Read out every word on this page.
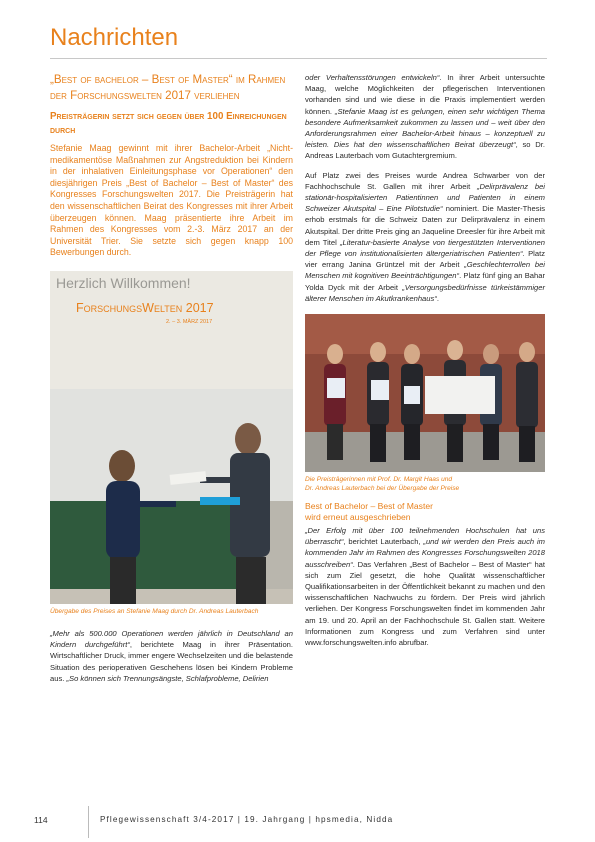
Nachrichten
„Best of bachelor – Best of Master“ im Rahmen der Forschungswelten 2017 verliehen
Preisträgerin setzt sich gegen über 100 Einreichungen durch

Stefanie Maag gewinnt mit ihrer Bachelor-Arbeit „Nicht-medikamentöse Maßnahmen zur Angstreduktion bei Kindern in der inhalativen Einleitungsphase vor Operationen“ den diesjährigen Preis „Best of Bachelor – Best of Master“ des Kongresses Forschungswelten 2017. Die Preisträgerin hat den wissenschaftlichen Beirat des Kongresses mit ihrer Arbeit überzeugen können. Maag präsentierte ihre Arbeit im Rahmen des Kongresses vom 2.-3. März 2017 an der Universität Trier. Sie setzte sich gegen knapp 100 Bewerbungen durch.

Herzlich Willkommen!
ForschungsWelten 2017
2. – 3. MÄRZ 2017
Übergabe des Preises an Stefanie Maag durch Dr. Andreas Lauterbach

„Mehr als 500.000 Operationen werden jährlich in Deutschland an Kindern durchgeführt“, berichtete Maag in ihrer Präsentation. Wirtschaftlicher Druck, immer engere Wechselzeiten und die belastende Situation des perioperativen Geschehens lösen bei Kindern Probleme aus. „So können sich Trennungsängste, Schlafprobleme, Delirien

oder Verhaltensstörungen entwickeln“. In ihrer Arbeit untersuchte Maag, welche Möglichkeiten der pflegerischen Interventionen vorhanden sind und wie diese in die Praxis implementiert werden können. „Stefanie Maag ist es gelungen, einen sehr wichtigen Thema besondere Aufmerksamkeit zukommen zu lassen und – weit über den Anforderungsrahmen einer Bachelor-Arbeit hinaus – konzeptuell zu leisten. Dies hat den wissenschaftlichen Beirat überzeugt“, so Dr. Andreas Lauterbach vom Gutachtergremium.

Auf Platz zwei des Preises wurde Andrea Schwarber von der Fachhochschule St. Gallen mit ihrer Arbeit „Delirprävalenz bei stationär-hospitalisierten Patientinnen und Patienten in einem Schweizer Akutspital – Eine Pilotstudie“ nominiert. Die Master-Thesis erhob erstmals für die Schweiz Daten zur Delirprävalenz in einem Akutspital. Der dritte Preis ging an Jaqueline Dreesler für ihre Arbeit mit dem Titel „Literatur-basierte Analyse von tiergestützten Interventionen der Pflege von institutionalisierten ältergeriatrischen Patienten“. Platz vier errang Janina Grüntzel mit der Arbeit „Geschlechterrollen bei Menschen mit kognitiven Beeinträchtigungen“. Platz fünf ging an Bahar Yolda Dyck mit der Arbeit „Versorgungsbedürfnisse türkeistämmiger älterer Menschen im Akutkrankenhaus“.

Die Preisträgerinnen mit Prof. Dr. Margit Haas und
Dr. Andreas Lauterbach bei der Übergabe der Preise
Best of Bachelor – Best of Master
wird erneut ausgeschrieben

„Der Erfolg mit über 100 teilnehmenden Hochschulen hat uns überrascht“, berichtet Lauterbach, „und wir werden den Preis auch im kommenden Jahr im Rahmen des Kongresses Forschungswelten 2018 ausschreiben“. Das Verfahren „Best of Bachelor – Best of Master“ hat sich zum Ziel gesetzt, die hohe Qualität wissenschaftlicher Qualifikationsarbeiten in der Öffentlichkeit bekannt zu machen und den wissenschaftlichen Nachwuchs zu fördern. Der Preis wird jährlich verliehen. Der Kongress Forschungswelten findet im kommenden Jahr am 19. und 20. April an der Fachhochschule St. Gallen statt. Weitere Informationen zum Kongress und zum Verfahren sind unter www.forschungswelten.info abrufbar.

114	Pflegewissenschaft 3/4-2017 | 19. Jahrgang | hpsmedia, Nidda
